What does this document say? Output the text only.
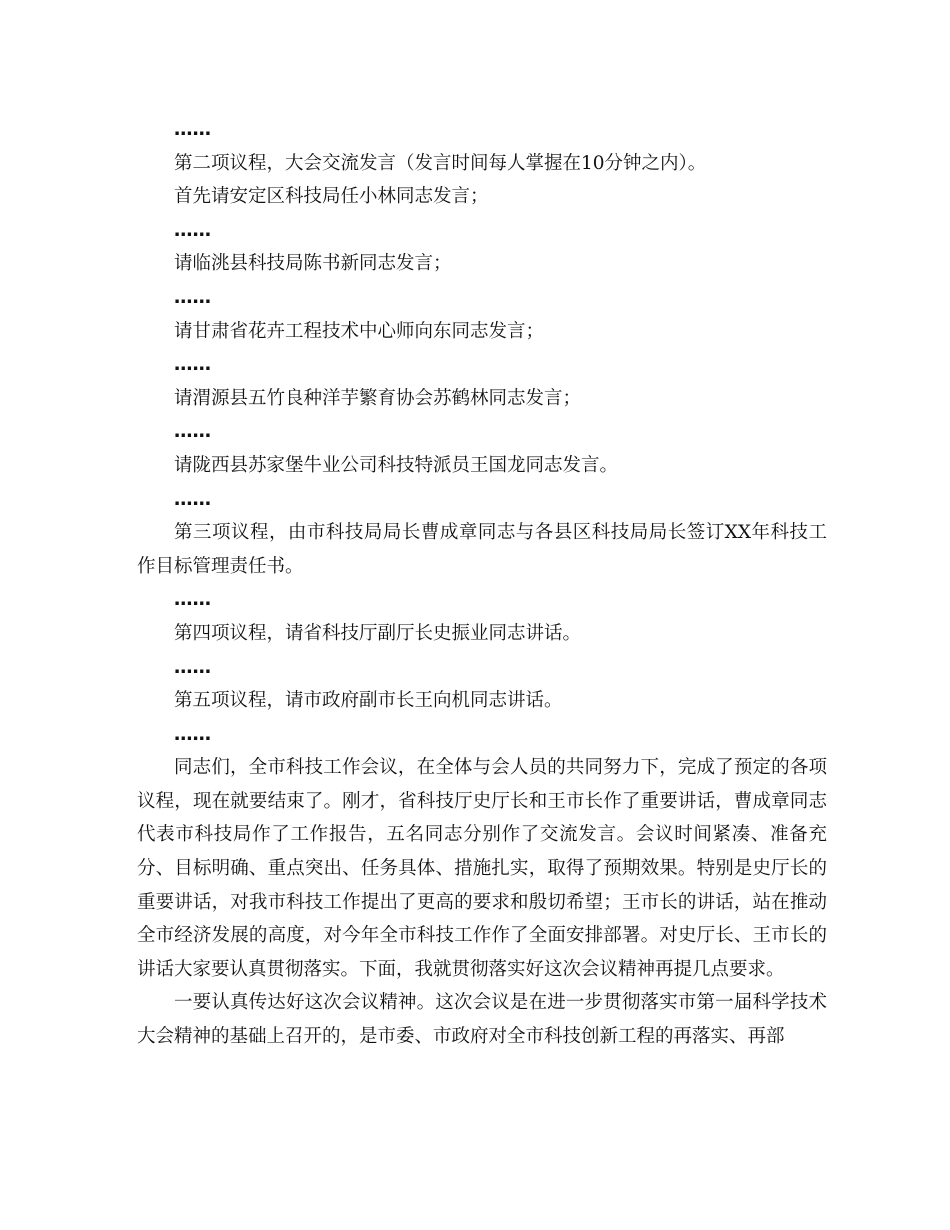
……

第二项议程，大会交流发言（发言时间每人掌握在10分钟之内）。

首先请安定区科技局任小林同志发言；

……

请临洮县科技局陈书新同志发言；

……

请甘肃省花卉工程技术中心师向东同志发言；

……

请渭源县五竹良种洋芋繁育协会苏鹤林同志发言；

……

请陇西县苏家堡牛业公司科技特派员王国龙同志发言。

……

第三项议程，由市科技局局长曹成章同志与各县区科技局局长签订XX年科技工作目标管理责任书。

……

第四项议程，请省科技厅副厅长史振业同志讲话。

……

第五项议程，请市政府副市长王向机同志讲话。

……

同志们，全市科技工作会议，在全体与会人员的共同努力下，完成了预定的各项议程，现在就要结束了。刚才，省科技厅史厅长和王市长作了重要讲话，曹成章同志代表市科技局作了工作报告，五名同志分别作了交流发言。会议时间紧凑、准备充分、目标明确、重点突出、任务具体、措施扎实，取得了预期效果。特别是史厅长的重要讲话，对我市科技工作提出了更高的要求和殷切希望；王市长的讲话，站在推动全市经济发展的高度，对今年全市科技工作作了全面安排部署。对史厅长、王市长的讲话大家要认真贯彻落实。下面，我就贯彻落实好这次会议精神再提几点要求。

一要认真传达好这次会议精神。这次会议是在进一步贯彻落实市第一届科学技术大会精神的基础上召开的，是市委、市政府对全市科技创新工程的再落实、再部
